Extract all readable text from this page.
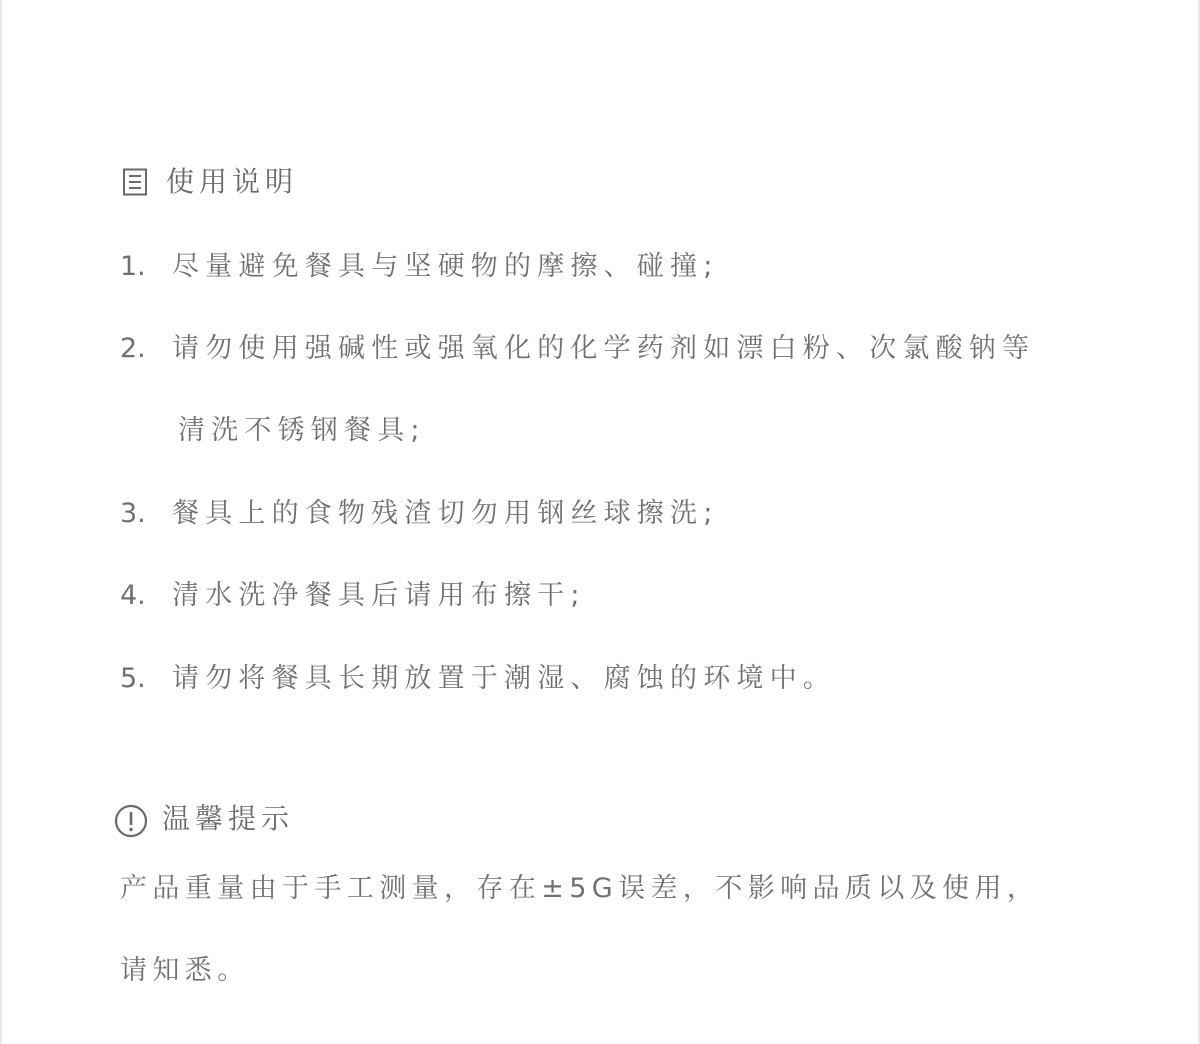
使用说明
1. 尽量避免餐具与坚硬物的摩擦、碰撞;
2. 请勿使用强碱性或强氧化的化学药剂如漂白粉、次氯酸钠等
清洗不锈钢餐具;
3. 餐具上的食物残渣切勿用钢丝球擦洗;
4. 清水洗净餐具后请用布擦干;
5. 请勿将餐具长期放置于潮湿、腐蚀的环境中。
温馨提示
产品重量由于手工测量，存在±5G误差，不影响品质以及使用，
请知悉。
